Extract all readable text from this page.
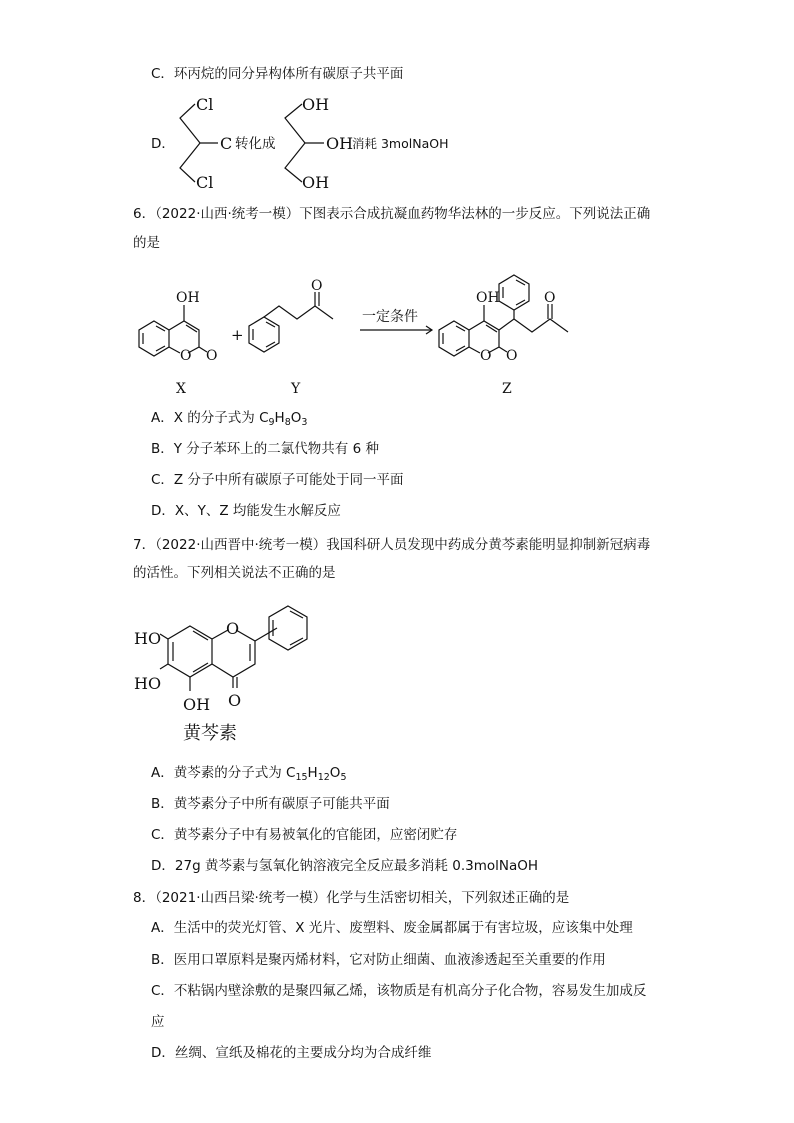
C．环丙烷的同分异构体所有碳原子共平面
D．
Cl
C
Cl
OH
OH
OH
转化成	消耗 3molNaOH
6．（2022·山西·统考一模）下图表示合成抗凝血药物华法林的一步反应。下列说法正确
的是
OH
O O
+
O
一定条件
OH	O
O O
X	Y	Z
A．X 的分子式为 $C_9H_8O_3$
B．Y 分子苯环上的二氯代物共有 6 种
C．Z 分子中所有碳原子可能处于同一平面
D．X、Y、Z 均能发生水解反应
7．（2022·山西晋中·统考一模）我国科研人员发现中药成分黄芩素能明显抑制新冠病毒
的活性。下列相关说法不正确的是
HO
HO
OH
O
O
黄芩素
A．黄芩素的分子式为 $C_{15}H_{12}O_5$
B．黄芩素分子中所有碳原子可能共平面
C．黄芩素分子中有易被氧化的官能团，应密闭贮存
D．27g 黄芩素与氢氧化钠溶液完全反应最多消耗 0.3molNaOH
8．（2021·山西吕梁·统考一模）化学与生活密切相关，下列叙述正确的是
A．生活中的荧光灯管、X 光片、废塑料、废金属都属于有害垃圾，应该集中处理
B．医用口罩原料是聚丙烯材料，它对防止细菌、血液渗透起至关重要的作用
C．不粘锅内壁涂敷的是聚四氟乙烯，该物质是有机高分子化合物，容易发生加成反
应
D．丝绸、宣纸及棉花的主要成分均为合成纤维
